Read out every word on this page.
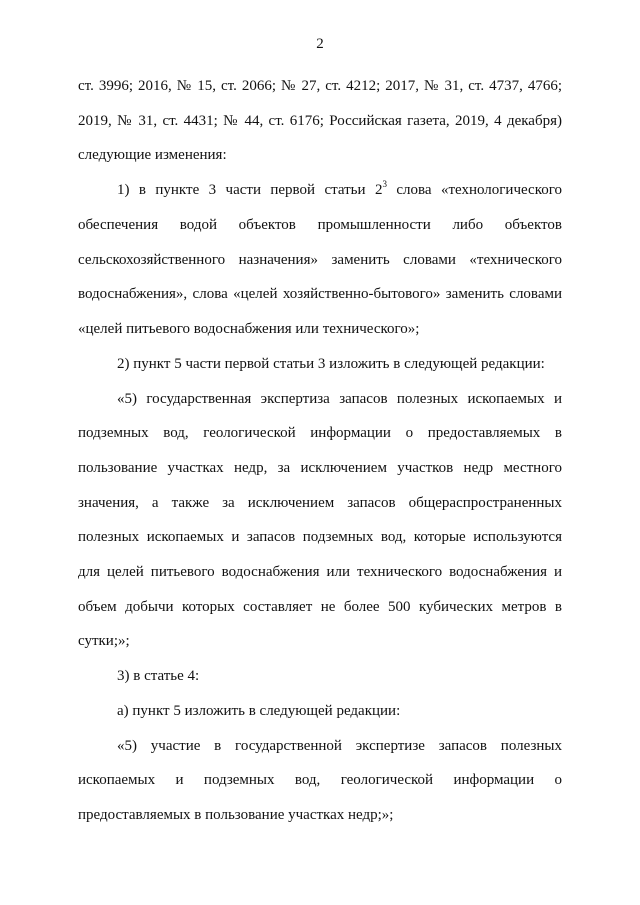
2
ст. 3996; 2016, № 15, ст. 2066; № 27, ст. 4212; 2017, № 31, ст. 4737, 4766;
2019, № 31, ст. 4431; № 44, ст. 6176; Российская газета, 2019, 4 декабря)
следующие изменения:
1) в пункте 3 части первой статьи $2^3$ слова «технологического
обеспечения водой объектов промышленности либо объектов
сельскохозяйственного назначения» заменить словами «технического
водоснабжения», слова «целей хозяйственно-бытового» заменить словами
«целей питьевого водоснабжения или технического»;
2) пункт 5 части первой статьи 3 изложить в следующей редакции:
«5) государственная экспертиза запасов полезных ископаемых и
подземных вод, геологической информации о предоставляемых в
пользование участках недр, за исключением участков недр местного
значения, а также за исключением запасов общераспространенных
полезных ископаемых и запасов подземных вод, которые используются
для целей питьевого водоснабжения или технического водоснабжения и
объем добычи которых составляет не более 500 кубических метров в
сутки;»;
3) в статье 4:
а) пункт 5 изложить в следующей редакции:
«5) участие в государственной экспертизе запасов полезных
ископаемых и подземных вод, геологической информации о
предоставляемых в пользование участках недр;»;
